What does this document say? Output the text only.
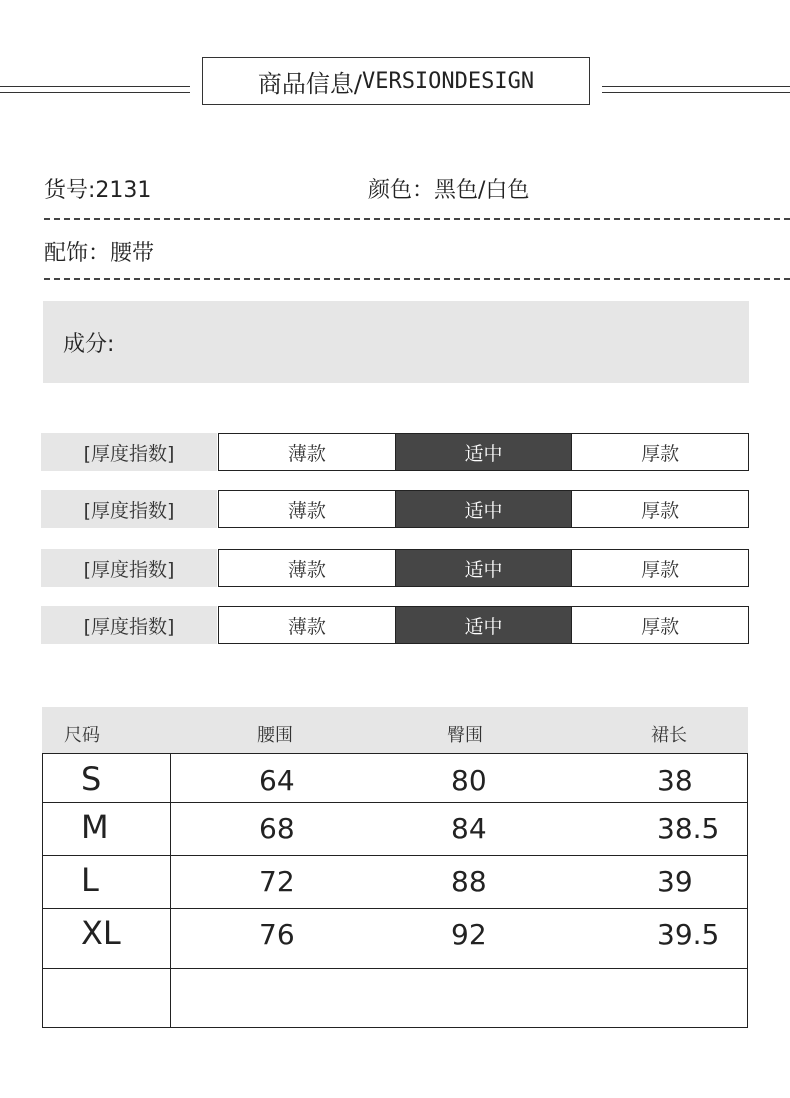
商品信息/ VERSIONDESIGN
货号:2131	颜色：黑色/白色
配饰：腰带
成分:
[厚度指数]	薄款	适中	厚款
[厚度指数]	薄款	适中	厚款
[厚度指数]	薄款	适中	厚款
[厚度指数]	薄款	适中	厚款
尺码	腰围	臀围	裙长
S	64	80	38
M	68	84	38.5
L	72	88	39
XL	76	92	39.5
